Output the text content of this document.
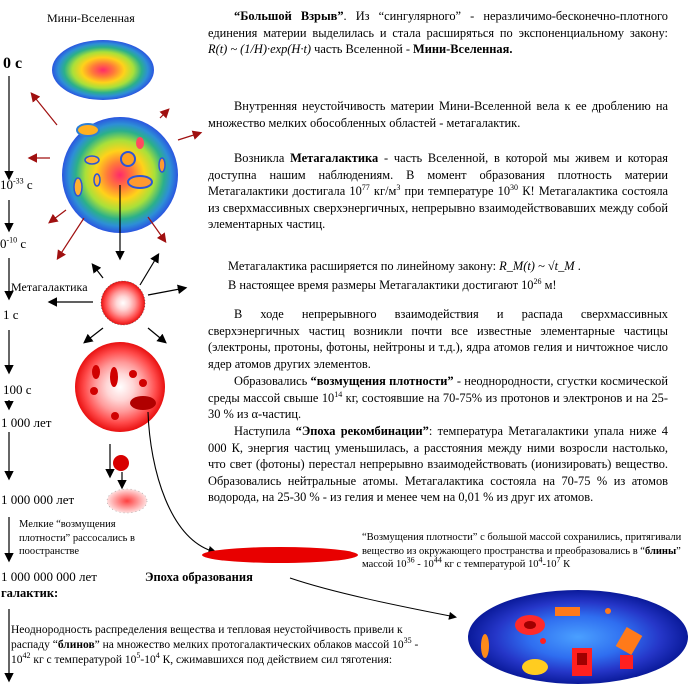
Мини-Вселенная
0 с
$10^{-33}$ с
$0^{-10}$ с
Метагалактика
1 с
100 с
1 000 лет
1 000 000 лет
Мелкие “возмущения плотности” рассосались в поостранстве
1 000 000 000 лет	Эпоха образования
галактик:
“Большой Взрыв”. Из “сингулярного” - неразличимо-бесконечно-плотного единения материи выделилась и стала расширяться по экспоненциальному закону: R(t) ~ (1/H)·exp(H·t) часть Вселенной - Мини-Вселенная.
Внутренняя неустойчивость материи Мини-Вселенной вела к ее дроблению на множество мелких обособленных областей - метагалактик.
Возникла Метагалактика - часть Вселенной, в которой мы живем и которая доступна нашим наблюдениям. В момент образования плотность материи Метагалактики достигала $10^{77}$ $кг/м^3$ при температуре $10^{30}$ К! Метагалактика состояла из сверхмассивных сверхэнергичных, непрерывно взаимодействовавших между собой элементарных частиц.
Метагалактика расширяется по линейному закону: R_M(t) ~ √t_M .
В настоящее время размеры Метагалактики достигают $10^{26}$ м!
В ходе непрерывного взаимодействия и распада сверхмассивных сверхэнергичных частиц возникли почти все известные элементарные частицы (электроны, протоны, фотоны, нейтроны и т.д.), ядра атомов гелия и ничтожное число ядер атомов других элементов.
Образовались “возмущения плотности” - неоднородности, сгустки космической среды массой свыше $10^{14}$ кг, состоявшие на 70-75% из протонов и электронов и на 25-30 % из α-частиц.
Наступила “Эпоха рекомбинации”: температура Метагалактики упала ниже 4 000 К, энергия частиц уменьшилась, а расстояния между ними возросли настолько, что свет (фотоны) перестал непрерывно взаимодействовать (ионизировать) вещество. Образовались нейтральные атомы. Метагалактика состояла на 70-75 % из атомов водорода, на 25-30 % - из гелия и менее чем на 0,01 % из друг их атомов.
“Возмущения плотности” с большой массой сохранились, притягивали вещество из окружающего пространства и преобразовались в “блины” массой $10^{36} - 10^{44}$ кг с температурой $10^4-10^7$ К
Неоднородность распределения вещества и тепловая неустойчивость привели к распаду “блинов” на множество мелких протогалактических облаков массой $10^{35} - 10^{42}$ кг с температурой $10^5-10^4$ К, сжимавшихся под действием сил тяготения:
